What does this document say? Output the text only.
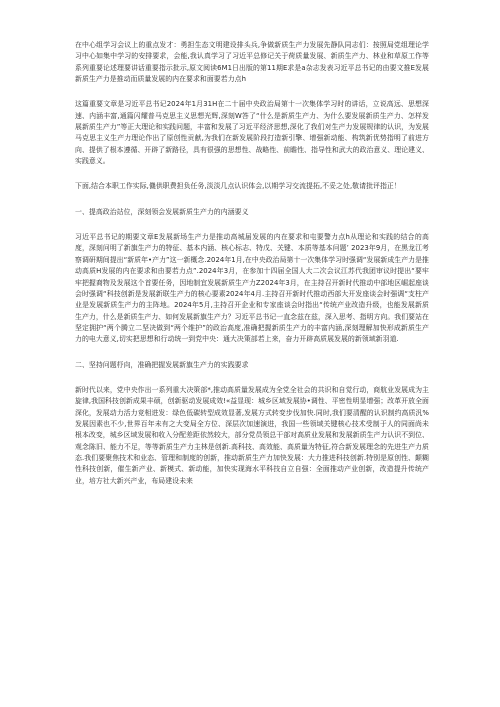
在中心组学习会议上的重点发才：勇担生态文明建设排头兵,争做新质生产力发展先静队同志们：按照局党组理论学习中心如集中学习的安排要求，会能,我认真学习了习近平总修记关于荷质量发展、新质生产力、林业和草原工作等系列重要论述理要讲话重要指示批示,原文阅读6M1日出版的第11期E求是a杂志发表习近平总书记的由要文推E发展新质生产力是推动而质量发展的内在要求和面要若力点h

这篇重要文章是习近平总书记2024年1月31H在二十届中央政治局第十一次集体学习时的讲话，立说高远、思想深速、内涵丰富,通篇闪耀普马克思主义思想光辉,深刻W答了“什么是新质生产力、为什么要发展新质生产力、怎样发展新质生产力”等正大理论和实践问题，丰富和发展了习近平经济思想,深化了我们对生产力发展规律的认识，为发展马克思主义生产力理论作出了原创性贡献,为我们在新发展阶段打造新引擎、增强新动能、构筑新优势指明了前进方向、提供了根本遵循、开辟了新路径，具有很强的思想性、战略性、前瞻性、指导性和武大的政治意义、理论建义、实践意义。

下面,结合本职工作实际,僟供职费担负任务,淡淡几点认识体会,以期学习交流提拓,不妥之处,敬请批评指正！

一、提高政治站位，深刻领会发展新质生产力的内涵要义

习近平总书记的期要文章E发展新场生产力是推动高城届发展的内在要求和屯要警力点h从理论和实践的结合的高度，深刻问明了新旗生产力的特征、基本内涵、核心标志、特戊、关键、本质等基本问题’ 2023年9月，在黑龙江考察调研期间提出“新质年•产力”这一新概念.2024年1月,在中央政治局第十一次集体学习时强调“发展新成生产力是推动高质H发展的内在要求和由要若力点”.2024年3月，在参加十四届全国人大二次会议江苏代我团审议时提出“要牢牢把握裔物及发展这个首要任务，因地制宜发展新质生产力Z2024年3月，在主持召开新时代推动中部地区崛起座谈会时强调“科技创新是发展新联生产力的核心要素2024年4月.主持召开新时代推动西部大开发座谈会时强调“支柱产业是发展新质生产力的主阵地。2024年5月,主持召开企业和专家座谈会时指出“传统产业改造升级，也能发展新质生产力，什么是新质生产力、如何发展新旗生产力？习近平总书记一直念兹在兹，深入思考、指明方向。我们要站在坚定拥护“两个腾立二坚决做到“两个维护”的政治高度,准确把握新质生产力的丰富内涵,深刻理解加快形成新质生产力的电大意义,切实把思想和行动统一到党中央：通大决策部若上来，奋力开辟高质展发展的新领域新羽道.

二、坚持问题杼向，准确把握发展新旗生产力的实践要求

新时代以来，党中央作出一系列重大决策部*,推动高质量发展成为全党全社会的共识和自觉行动，商航业发展成为主旋律,我国科技创新成果丰硕，创新驱动发展成效!«益显现：城乡区域发展协•调性、平密性明显增强；改革开放全面深化，发展动力活力竞相进发：绿色低碳转型成效显著,发展方式转变步伐加快.同时,我们要清醒的认识制约高质汎%发展因素也不少,世界百年未有之大变局全方位、深层次加速演进，我国一些领域关键核心技术受制于人的同面尚未根本改变，城乡区域发展和收入分配差距依然较大，部分党员领总干部对高质业发展和发展新质生产力认识不到位、观念陈旧、能力不足，等等新质生产力主林是创新.高科技、高效能、高质量为特征,符合新发展理念的先进生产力质态.我们要聚焦技术和业态、管理和制度的创新，推动新质生产力加快发展：大力推进科技创新.特别是原创性、颠糊性科技创新，催生新产业、新模式、新动能，加快实现海水平科技自立自强：全面推动产业创新，改造提升传统产业，培方社大新兴产业，布局建设未来
